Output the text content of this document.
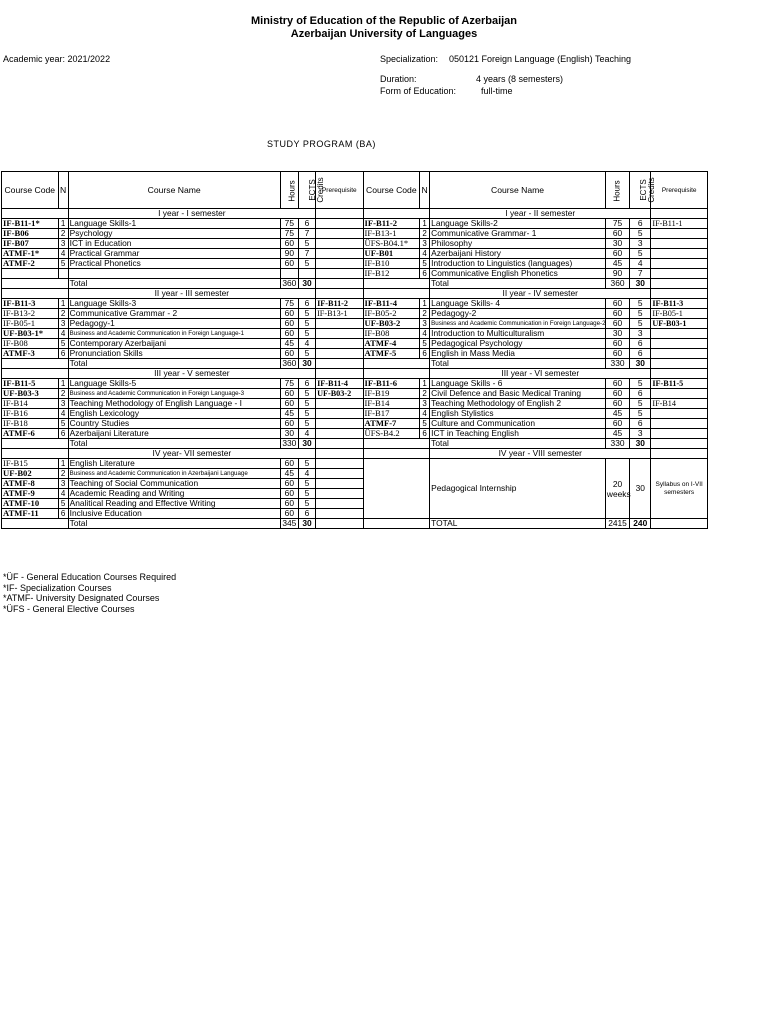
Ministry of Education of the Republic of Azerbaijan
Azerbaijan University of Languages
Academic year: 2021/2022	Specialization: 050121 Foreign Language (English) Teaching
Duration:	4 years (8 semesters)
Form of Education:	full-time
STUDY PROGRAM (BA)
Course Code	N	Course Name	Hours	ECTS Credits	Prerequisite	Course Code	N	Course Name	Hours	ECTS Credits	Prerequisite
		I year - I semester						I year - II semester			
IF-B11-1*	1	Language Skills-1	75	6		IF-B11-2	1	Language Skills-2	75	6	IF-B11-1
IF-B06	2	Psychology	75	7		IF-B13-1	2	Communicative Grammar- 1	60	5	
IF-B07	3	ICT in Education	60	5		ÜFS-B04.1*	3	Philosophy	30	3	
ATMF-1*	4	Practical Grammar	90	7		UF-B01	4	Azerbaijani History	60	5	
ATMF-2	5	Practical Phonetics	60	5		IF-B10	5	Introduction to Linguistics (languages)	45	4	
						IF-B12	6	Communicative English Phonetics	90	7	
		Total	360	30				Total	360	30	
		II year - III semester						II year - IV semester			
IF-B11-3	1	Language Skills-3	75	6	IF-B11-2	IF-B11-4	1	Language Skills- 4	60	5	IF-B11-3
IF-B13-2	2	Communicative Grammar - 2	60	5	IF-B13-1	IF-B05-2	2	Pedagogy-2	60	5	IF-B05-1
IF-B05-1	3	Pedagogy-1	60	5		UF-B03-2	3	Business and Academic Communication in Foreign Language-2	60	5	UF-B03-1
UF-B03-1*	4	Business and Academic Communication in Foreign Language-1	60	5		IF-B08	4	Introduction to Multiculturalism	30	3	
IF-B08	5	Contemporary Azerbaijani	45	4		ATMF-4	5	Pedagogical Psychology	60	6	
ATMF-3	6	Pronunciation Skills	60	5		ATMF-5	6	English in Mass Media	60	6	
		Total	360	30				Total	330	30	
		III year - V semester						III year - VI semester			
IF-B11-5	1	Language Skills-5	75	6	IF-B11-4	IF-B11-6	1	Language Skills - 6	60	5	IF-B11-5
UF-B03-3	2	Business and Academic Communication in Foreign Language-3	60	5	UF-B03-2	IF-B19	2	Civil Defence and Basic Medical Traning	60	6	
IF-B14	3	Teaching Methodology of English Language - I	60	5		IF-B14	3	Teaching Methodology of English 2	60	5	IF-B14
IF-B16	4	English Lexicology	45	5		IF-B17	4	English Stylistics	45	5	
IF-B18	5	Country Studies	60	5		ATMF-7	5	Culture and Communication	60	6	
ATMF-6	6	Azerbaijani Literature	30	4		ÜFS-B4.2	6	ICT in Teaching English	45	3	
		Total	330	30				Total	330	30	
		IV year- VII semester						IV year - VIII semester			
IF-B15	1	English Literature	60	5				Pedagogical Internship	20 weeks	30	Syllabus on I-VII semesters
UF-B02	2	Business and Academic Communication in Azerbaijani Language	45	4							
ATMF-8	3	Teaching of Social Communication	60	5							
ATMF-9	4	Academic Reading and Writing	60	5							
ATMF-10	5	Analitical Reading and Effective Writing	60	5							
ATMF-11	6	Inclusive Education	60	6							
		Total	345	30				TOTAL	2415	240	
*ÜF - General Education Courses Required
*IF- Specialization Courses
*ATMF- University Designated Courses
*ÜFS - General Elective Courses
